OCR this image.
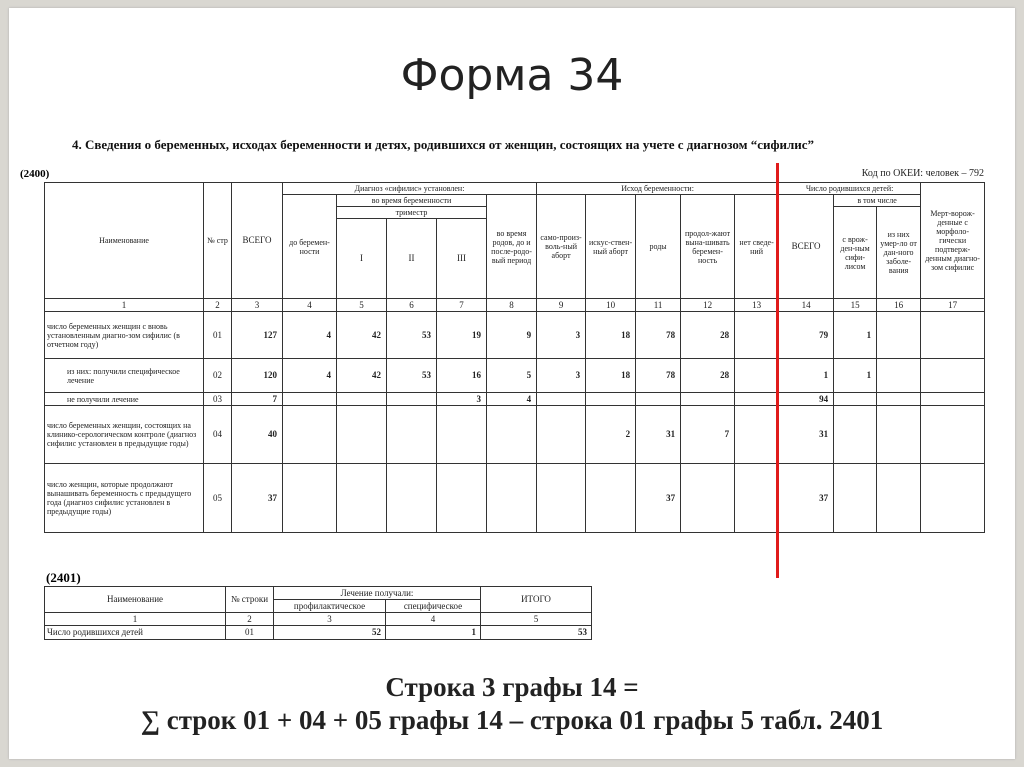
Форма 34
4. Сведения о беременных, исходах беременности и детях, родившихся от женщин, состоящих на учете с диагнозом “сифилис”
(2400)	Код по ОКЕИ: человек – 792
Наименование	№ стр	ВСЕГО	Диагноз «сифилис» установлен:					Исход беременности:					Число родившихся детей:			Мерт-ворож-денные с морфоло-гически подтверж-денным диагно-зом сифилис
			до беремен-ности	во время беременности			во время родов, до и после-родо-вый период	само-произ-воль-ный аборт	искус-ствен-ный аборт	роды	продол-жают вына-шивать беремен-ность	нет сведе-ний	ВСЕГО	в том числе		
				триместр										с врож-ден-ным сифи-лисом	из них умер-ло от дан-ного заболе-вания	
				I	II	III										
1	2	3	4	5	6	7	8	9	10	11	12	13	14	15	16	17
число беременных женщин с вновь установленным диагно-зом сифилис (в отчетном году)	01	127	4	42	53	19	9	3	18	78	28		79	1		
из них: получили специфическое лечение	02	120	4	42	53	16	5	3	18	78	28		1	1		
не получили лечение	03	7				3	4						94			
число беременных женщин, состоящих на клинико-серологическом контроле (диагноз сифилис установлен в предыдущие годы)	04	40							2	31	7		31			
число женщин, которые продолжают вынашивать беременность с предыдущего года (диагноз сифилис установлен в предыдущие годы)	05	37								37			37			
(2401)
Наименование	№ строки	Лечение получали:		ИТОГО
		профилактическое	специфическое	
1	2	3	4	5
Число родившихся детей	01	52	1	53
Строка 3 графы 14 =
∑ строк 01 + 04 + 05 графы 14 – строка 01 графы 5 табл. 2401
